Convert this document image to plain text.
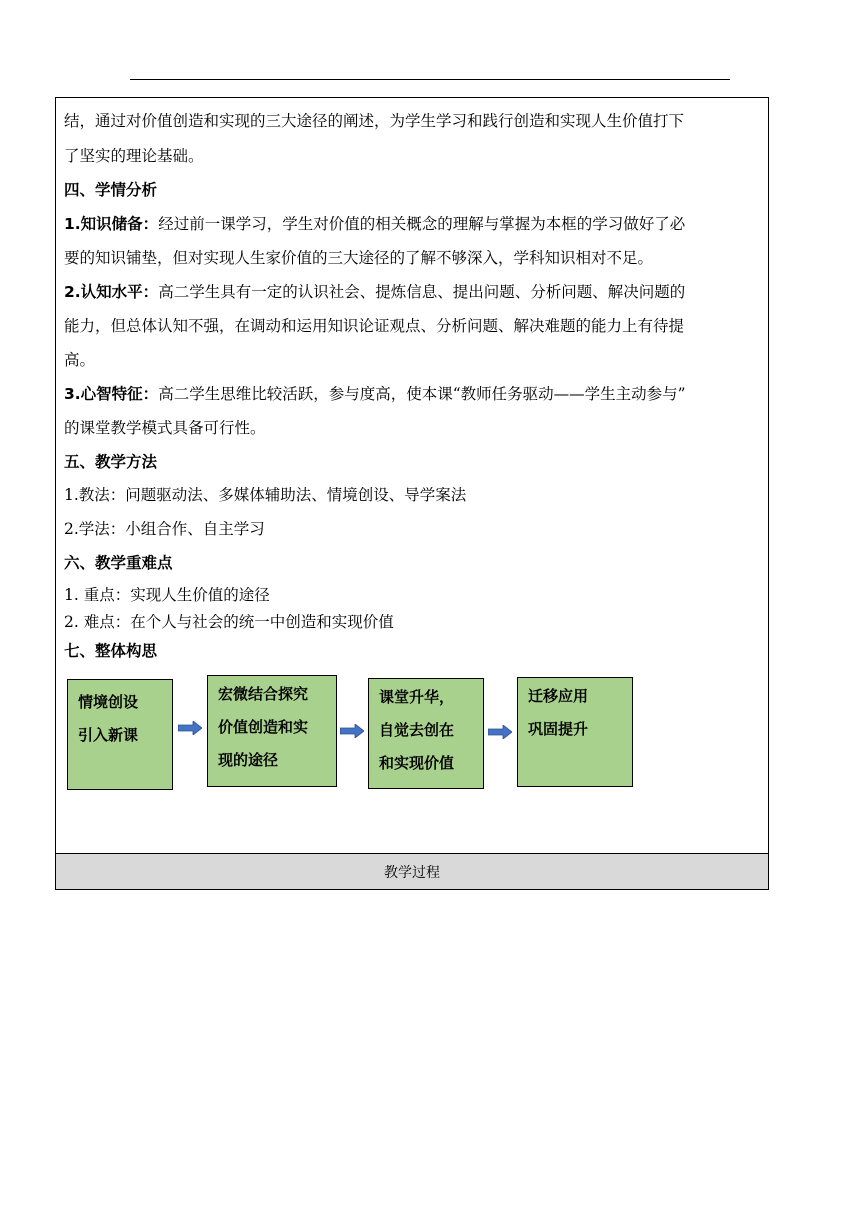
教学过程
结，通过对价值创造和实现的三大途径的阐述，为学生学习和践行创造和实现人生价值打下
了坚实的理论基础。
四、学情分析
1.知识储备：经过前一课学习，学生对价值的相关概念的理解与掌握为本框的学习做好了必
要的知识铺垫，但对实现人生家价值的三大途径的了解不够深入，学科知识相对不足。
2.认知水平：高二学生具有一定的认识社会、提炼信息、提出问题、分析问题、解决问题的
能力，但总体认知不强，在调动和运用知识论证观点、分析问题、解决难题的能力上有待提
高。
3.心智特征：高二学生思维比较活跃，参与度高，使本课“教师任务驱动——学生主动参与”
的课堂教学模式具备可行性。
五、教学方法
1.教法：问题驱动法、多媒体辅助法、情境创设、导学案法
2.学法：小组合作、自主学习
六、教学重难点
1. 重点：实现人生价值的途径
2. 难点：在个人与社会的统一中创造和实现价值
七、整体构思
情境创设
引入新课
宏微结合探究
价值创造和实
现的途径
课堂升华，
自觉去创在
和实现价值
迁移应用
巩固提升
